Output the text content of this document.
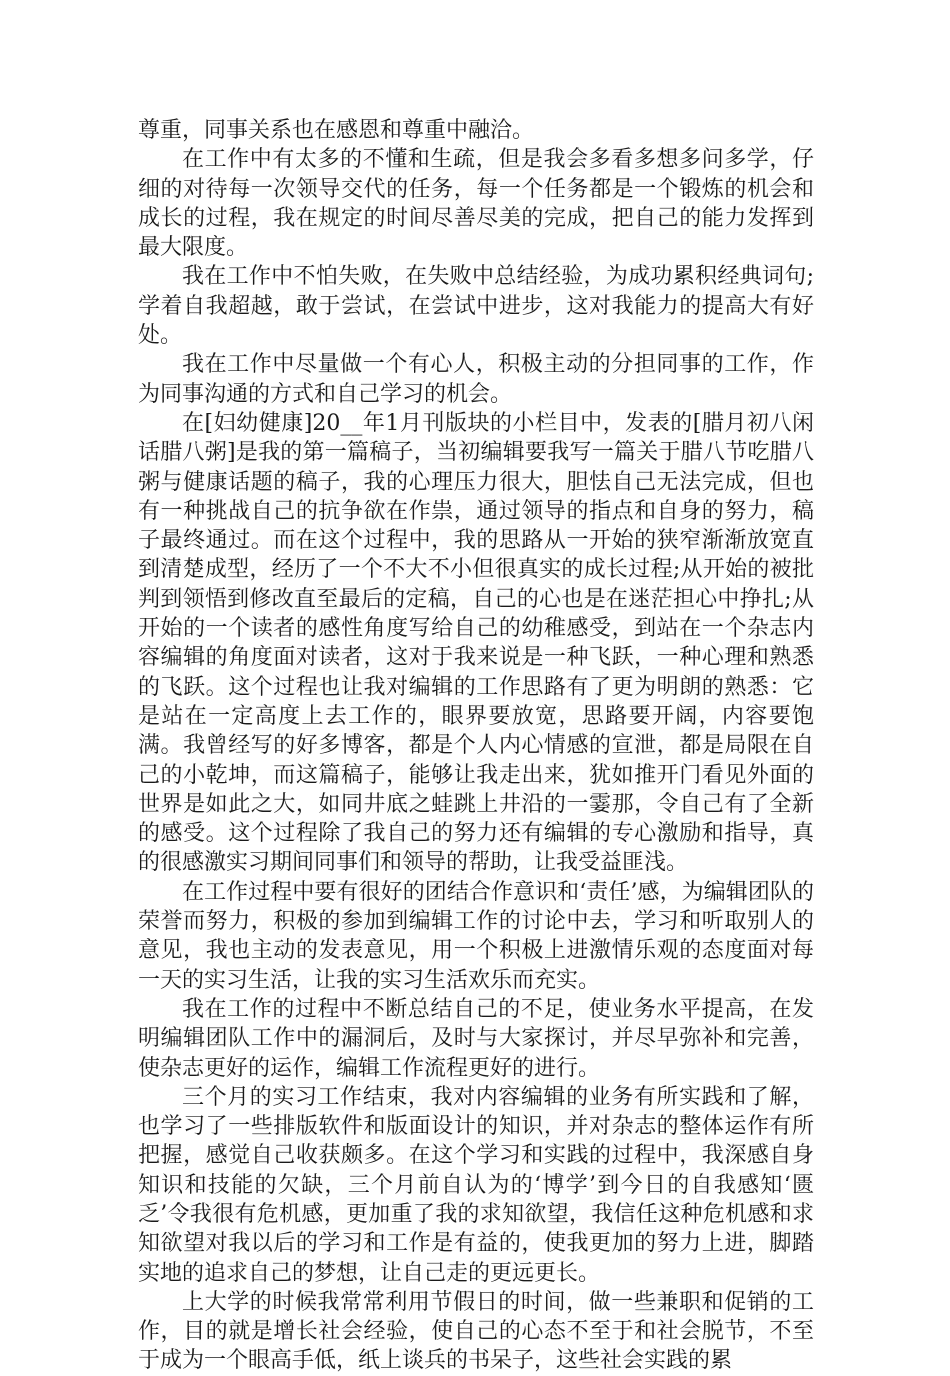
尊重，同事关系也在感恩和尊重中融洽。

在工作中有太多的不懂和生疏，但是我会多看多想多问多学，仔细的对待每一次领导交代的任务，每一个任务都是一个锻炼的机会和成长的过程，我在规定的时间尽善尽美的完成，把自己的能力发挥到最大限度。

我在工作中不怕失败，在失败中总结经验，为成功累积经典词句;学着自我超越，敢于尝试，在尝试中进步，这对我能力的提高大有好处。

我在工作中尽量做一个有心人，积极主动的分担同事的工作，作为同事沟通的方式和自己学习的机会。

在[妇幼健康]20__年1月刊版块的小栏目中，发表的[腊月初八闲话腊八粥]是我的第一篇稿子，当初编辑要我写一篇关于腊八节吃腊八粥与健康话题的稿子，我的心理压力很大，胆怯自己无法完成，但也有一种挑战自己的抗争欲在作祟，通过领导的指点和自身的努力，稿子最终通过。而在这个过程中，我的思路从一开始的狭窄渐渐放宽直到清楚成型，经历了一个不大不小但很真实的成长过程;从开始的被批判到领悟到修改直至最后的定稿，自己的心也是在迷茫担心中挣扎;从开始的一个读者的感性角度写给自己的幼稚感受，到站在一个杂志内容编辑的角度面对读者，这对于我来说是一种飞跃，一种心理和熟悉的飞跃。这个过程也让我对编辑的工作思路有了更为明朗的熟悉：它是站在一定高度上去工作的，眼界要放宽，思路要开阔，内容要饱满。我曾经写的好多博客，都是个人内心情感的宣泄，都是局限在自己的小乾坤，而这篇稿子，能够让我走出来，犹如推开门看见外面的世界是如此之大，如同井底之蛙跳上井沿的一霎那，令自己有了全新的感受。这个过程除了我自己的努力还有编辑的专心激励和指导，真的很感激实习期间同事们和领导的帮助，让我受益匪浅。

在工作过程中要有很好的团结合作意识和‘责任’感，为编辑团队的荣誉而努力，积极的参加到编辑工作的讨论中去，学习和听取别人的意见，我也主动的发表意见，用一个积极上进激情乐观的态度面对每一天的实习生活，让我的实习生活欢乐而充实。

我在工作的过程中不断总结自己的不足，使业务水平提高，在发明编辑团队工作中的漏洞后，及时与大家探讨，并尽早弥补和完善，使杂志更好的运作，编辑工作流程更好的进行。

三个月的实习工作结束，我对内容编辑的业务有所实践和了解，也学习了一些排版软件和版面设计的知识，并对杂志的整体运作有所把握，感觉自己收获颇多。在这个学习和实践的过程中，我深感自身知识和技能的欠缺，三个月前自认为的‘博学’到今日的自我感知‘匮乏’令我很有危机感，更加重了我的求知欲望，我信任这种危机感和求知欲望对我以后的学习和工作是有益的，使我更加的努力上进，脚踏实地的追求自己的梦想，让自己走的更远更长。

上大学的时候我常常利用节假日的时间，做一些兼职和促销的工作，目的就是增长社会经验，使自己的心态不至于和社会脱节，不至于成为一个眼高手低，纸上谈兵的书呆子，这些社会实践的累
